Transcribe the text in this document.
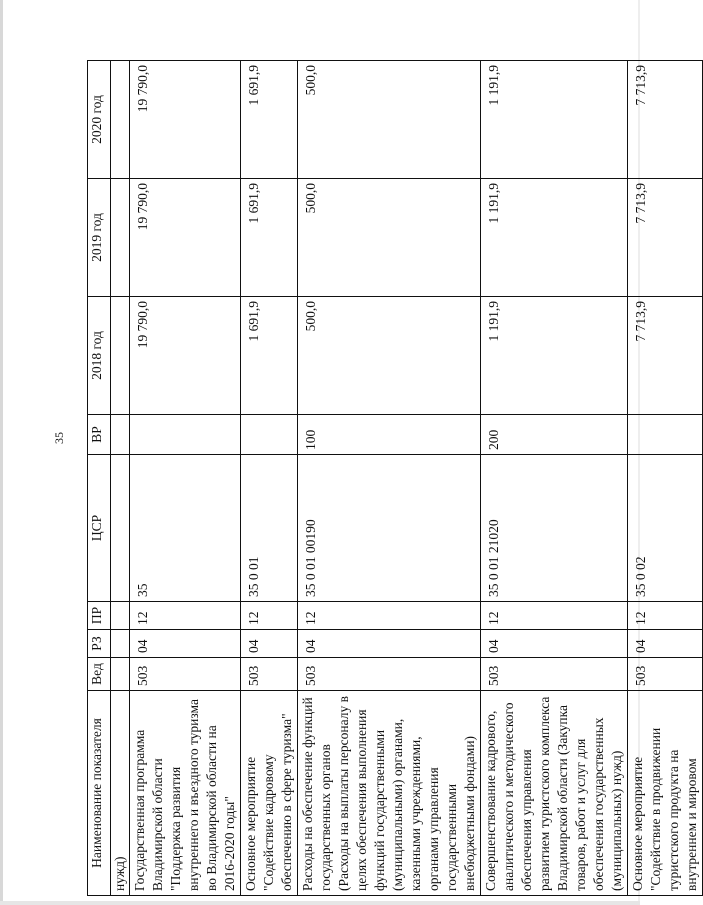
35
Наименование показателя	Вед	РЗ	ПР	ЦСР	ВР	2018 год	2019 год	2020 год
нужд)								
Государственная программа Владимирской области "Поддержка развития внутреннего и въездного туризма во Владимирской области на 2016-2020 годы"	503	04	12	35		19 790,0	19 790,0	19 790,0
Основное мероприятие "Содействие кадровому обеспечению в сфере туризма"	503	04	12	35 0 01		1 691,9	1 691,9	1 691,9
Расходы на обеспечение функций государственных органов (Расходы на выплаты персоналу в целях обеспечения выполнения функций государственными (муниципальными) органами, казенными учреждениями, органами управления государственными внебюджетными фондами)	503	04	12	35 0 01 00190	100	500,0	500,0	500,0
Совершенствование кадрового, аналитического и методического обеспечения управления развитием туристского комплекса Владимирской области (Закупка товаров, работ и услуг для обеспечения государственных (муниципальных) нужд)	503	04	12	35 0 01 21020	200	1 191,9	1 191,9	1 191,9
Основное мероприятие "Содействие в продвижении туристского продукта на внутреннем и мировом	503	04	12	35 0 02		7 713,9	7 713,9	7 713,9
